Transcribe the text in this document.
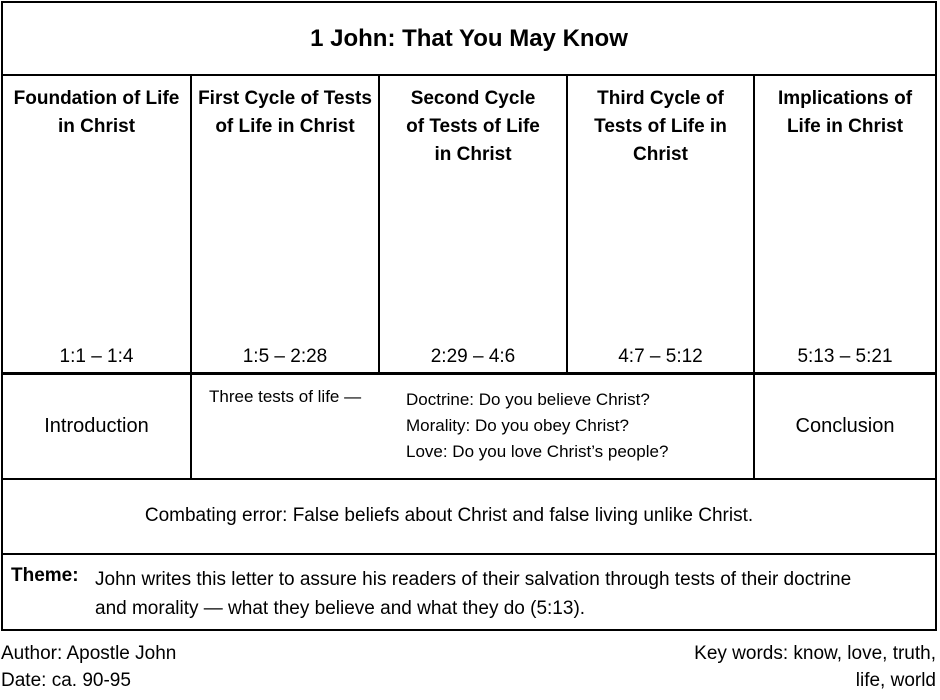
1 John: That You May Know
Foundation of Life in Christ
1:1 – 1:4
First Cycle of Tests of Life in Christ
1:5 – 2:28
Second Cycle of Tests of Life in Christ
2:29 – 4:6
Third Cycle of Tests of Life in Christ
4:7 – 5:12
Implications of Life in Christ
5:13 – 5:21
Introduction
Three tests of life —	Doctrine: Do you believe Christ?
Morality: Do you obey Christ?
Love: Do you love Christ’s people?
Conclusion
Combating error: False beliefs about Christ and false living unlike Christ.
Theme: John writes this letter to assure his readers of their salvation through tests of their doctrine and morality — what they believe and what they do (5:13).
Author: Apostle John
Date: ca. 90-95
Key words: know, love, truth,
life, world
